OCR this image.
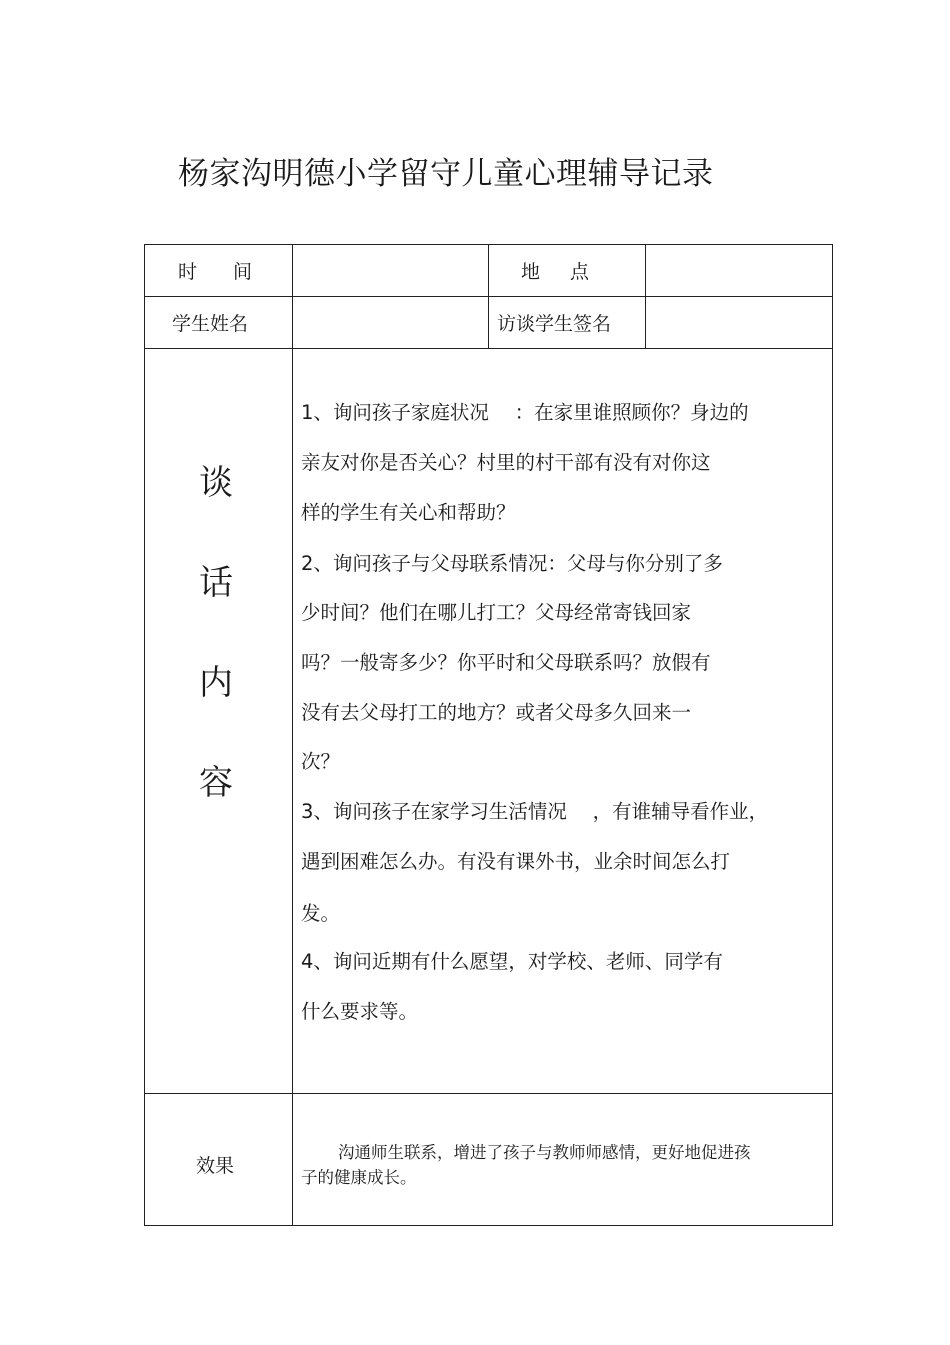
杨家沟明德小学留守儿童心理辅导记录
时间	地点
学生姓名	访谈学生签名
谈
话
内
容
1、询问孩子家庭状况　 ：在家里谁照顾你？身边的
亲友对你是否关心？村里的村干部有没有对你这
样的学生有关心和帮助？
2、询问孩子与父母联系情况：父母与你分别了多
少时间？他们在哪儿打工？父母经常寄钱回家
吗？一般寄多少？你平时和父母联系吗？放假有
没有去父母打工的地方？或者父母多久回来一
次？
3、询问孩子在家学习生活情况　 ，有谁辅导看作业，
遇到困难怎么办。有没有课外书，业余时间怎么打
发。
4、询问近期有什么愿望，对学校、老师、同学有
什么要求等。
效果
沟通师生联系，增进了孩子与教师师感情，更好地促进孩
子的健康成长。
